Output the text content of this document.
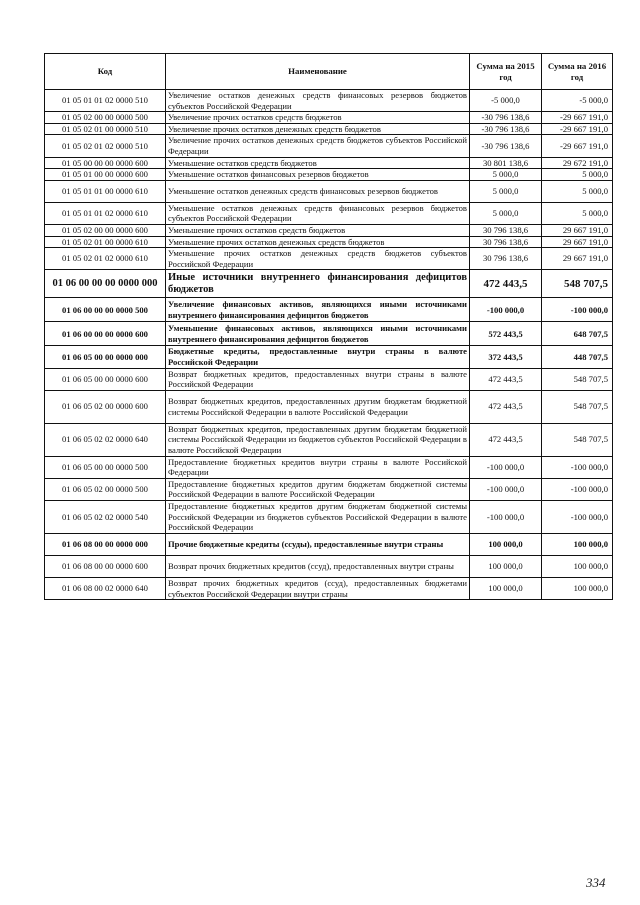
Код	Наименование	Сумма на 2015 год	Сумма на 2016 год
01 05 01 01 02 0000 510	Увеличение остатков денежных средств финансовых резервов бюджетов субъектов Российской Федерации	-5 000,0	-5 000,0
01 05 02 00 00 0000 500	Увеличение прочих остатков средств бюджетов	-30 796 138,6	-29 667 191,0
01 05 02 01 00 0000 510	Увеличение прочих остатков денежных средств бюджетов	-30 796 138,6	-29 667 191,0
01 05 02 01 02 0000 510	Увеличение прочих остатков денежных средств бюджетов субъектов Российской Федерации	-30 796 138,6	-29 667 191,0
01 05 00 00 00 0000 600	Уменьшение остатков средств бюджетов	30 801 138,6	29 672 191,0
01 05 01 00 00 0000 600	Уменьшение остатков финансовых резервов бюджетов	5 000,0	5 000,0
01 05 01 01 00 0000 610	Уменьшение остатков денежных средств финансовых резервов бюджетов	5 000,0	5 000,0
01 05 01 01 02 0000 610	Уменьшение остатков денежных средств финансовых резервов бюджетов субъектов Российской Федерации	5 000,0	5 000,0
01 05 02 00 00 0000 600	Уменьшение прочих остатков средств бюджетов	30 796 138,6	29 667 191,0
01 05 02 01 00 0000 610	Уменьшение прочих остатков денежных средств бюджетов	30 796 138,6	29 667 191,0
01 05 02 01 02 0000 610	Уменьшение прочих остатков денежных средств бюджетов субъектов Российской Федерации	30 796 138,6	29 667 191,0
01 06 00 00 00 0000 000	Иные источники внутреннего финансирования дефицитов бюджетов	472 443,5	548 707,5
01 06 00 00 00 0000 500	Увеличение финансовых активов, являющихся иными источниками внутреннего финансирования дефицитов бюджетов	-100 000,0	-100 000,0
01 06 00 00 00 0000 600	Уменьшение финансовых активов, являющихся иными источниками внутреннего финансирования дефицитов бюджетов	572 443,5	648 707,5
01 06 05 00 00 0000 000	Бюджетные кредиты, предоставленные внутри страны в валюте Российской Федерации	372 443,5	448 707,5
01 06 05 00 00 0000 600	Возврат бюджетных кредитов, предоставленных внутри страны в валюте Российской Федерации	472 443,5	548 707,5
01 06 05 02 00 0000 600	Возврат бюджетных кредитов, предоставленных другим бюджетам бюджетной системы Российской Федерации в валюте Российской Федерации	472 443,5	548 707,5
01 06 05 02 02 0000 640	Возврат бюджетных кредитов, предоставленных другим бюджетам бюджетной системы Российской Федерации из бюджетов субъектов Российской Федерации в валюте Российской Федерации	472 443,5	548 707,5
01 06 05 00 00 0000 500	Предоставление бюджетных кредитов внутри страны в валюте Российской Федерации	-100 000,0	-100 000,0
01 06 05 02 00 0000 500	Предоставление бюджетных кредитов другим бюджетам бюджетной системы Российской Федерации в валюте Российской Федерации	-100 000,0	-100 000,0
01 06 05 02 02 0000 540	Предоставление бюджетных кредитов другим бюджетам бюджетной системы Российской Федерации из бюджетов субъектов Российской Федерации в валюте Российской Федерации	-100 000,0	-100 000,0
01 06 08 00 00 0000 000	Прочие бюджетные кредиты (ссуды), предоставленные внутри страны	100 000,0	100 000,0
01 06 08 00 00 0000 600	Возврат прочих бюджетных кредитов (ссуд), предоставленных внутри страны	100 000,0	100 000,0
01 06 08 00 02 0000 640	Возврат прочих бюджетных кредитов (ссуд), предоставленных бюджетами субъектов Российской Федерации внутри страны	100 000,0	100 000,0
334
